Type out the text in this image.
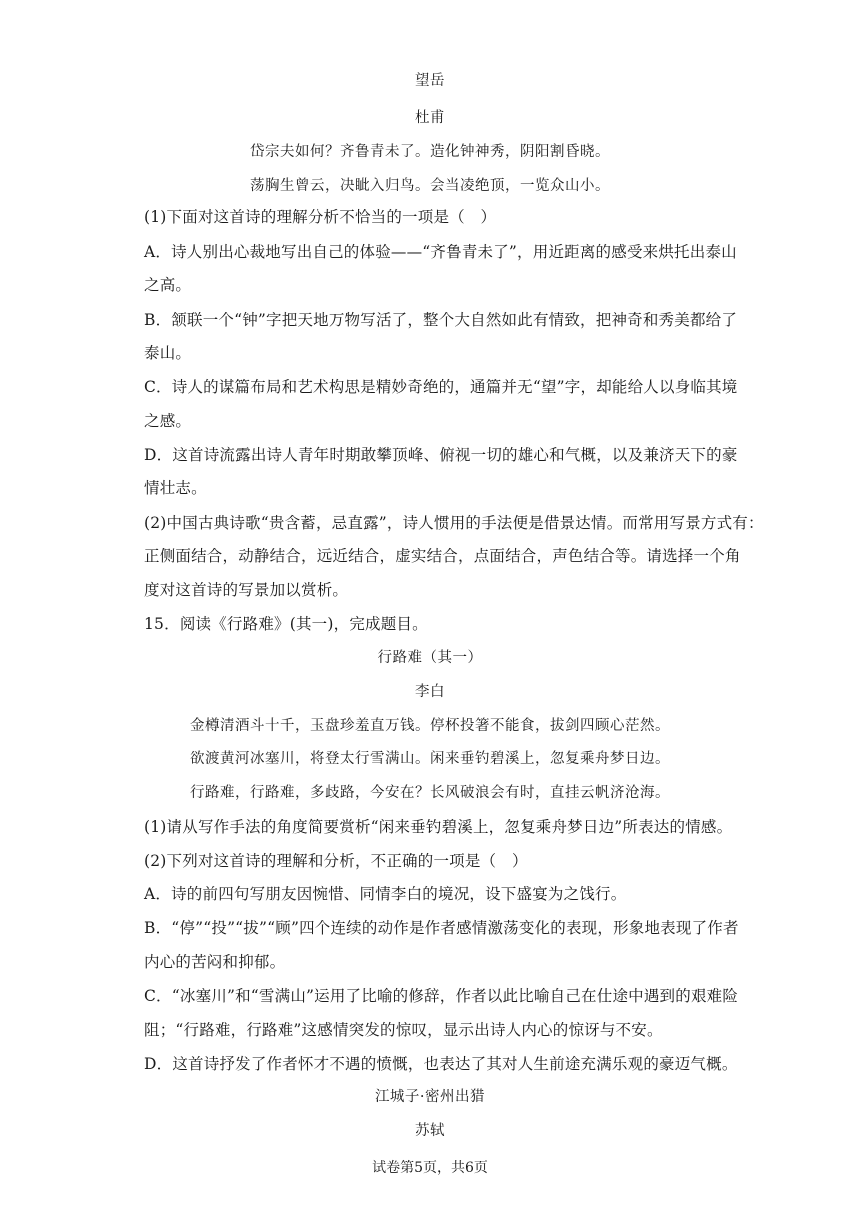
望岳
杜甫
岱宗夫如何？齐鲁青未了。造化钟神秀，阴阳割昏晓。
荡胸生曾云，决眦入归鸟。会当凌绝顶，一览众山小。
(1)下面对这首诗的理解分析不恰当的一项是（　）
A．诗人别出心裁地写出自己的体验——“齐鲁青未了”，用近距离的感受来烘托出泰山
之高。
B．颔联一个“钟”字把天地万物写活了，整个大自然如此有情致，把神奇和秀美都给了
泰山。
C．诗人的谋篇布局和艺术构思是精妙奇绝的，通篇并无“望”字，却能给人以身临其境
之感。
D．这首诗流露出诗人青年时期敢攀顶峰、俯视一切的雄心和气概，以及兼济天下的豪
情壮志。
(2)中国古典诗歌“贵含蓄，忌直露”，诗人惯用的手法便是借景达情。而常用写景方式有：
正侧面结合，动静结合，远近结合，虚实结合，点面结合，声色结合等。请选择一个角
度对这首诗的写景加以赏析。
15．阅读《行路难》(其一)，完成题目。
行路难（其一）
李白
金樽清酒斗十千，玉盘珍羞直万钱。停杯投箸不能食，拔剑四顾心茫然。
欲渡黄河冰塞川，将登太行雪满山。闲来垂钓碧溪上，忽复乘舟梦日边。
行路难，行路难，多歧路，今安在？长风破浪会有时，直挂云帆济沧海。
(1)请从写作手法的角度简要赏析“闲来垂钓碧溪上，忽复乘舟梦日边”所表达的情感。
(2)下列对这首诗的理解和分析，不正确的一项是（　）
A．诗的前四句写朋友因惋惜、同情李白的境况，设下盛宴为之饯行。
B．“停”“投”“拔”“顾”四个连续的动作是作者感情激荡变化的表现，形象地表现了作者
内心的苦闷和抑郁。
C．“冰塞川”和“雪满山”运用了比喻的修辞，作者以此比喻自己在仕途中遇到的艰难险
阻；“行路难，行路难”这感情突发的惊叹，显示出诗人内心的惊讶与不安。
D．这首诗抒发了作者怀才不遇的愤慨，也表达了其对人生前途充满乐观的豪迈气概。
江城子·密州出猎
苏轼
试卷第5页，共6页
